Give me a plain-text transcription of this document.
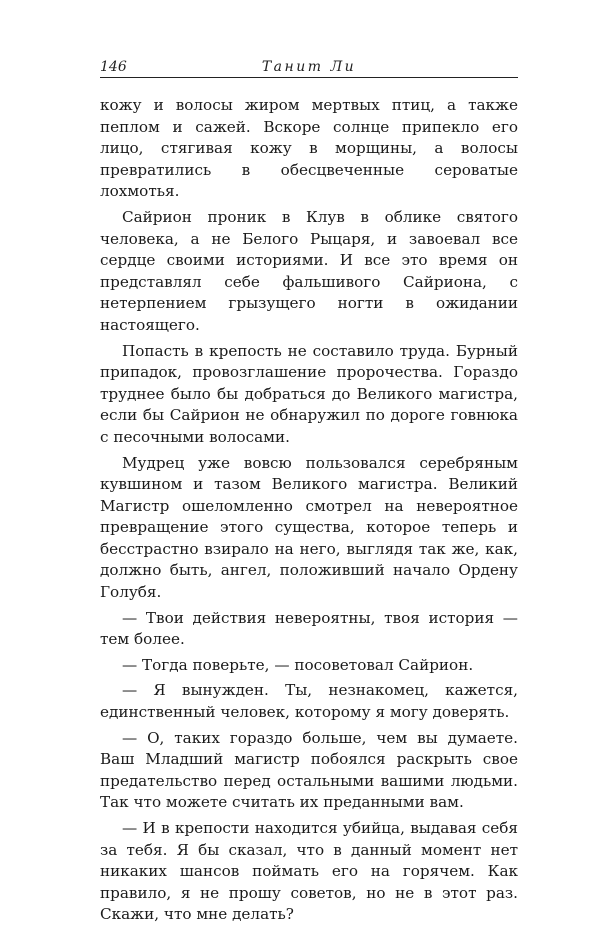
146	Танит Ли

кожу и волосы жиром мертвых птиц, а также пеплом и сажей. Вскоре солнце припекло его лицо, стягивая кожу в морщины, а волосы превратились в обесцвеченные сероватые лохмотья.

Сайрион проник в Клув в облике святого человека, а не Белого Рыцаря, и завоевал все сердце своими историями. И все это время он представлял себе фальшивого Сайриона, с нетерпением грызущего ногти в ожидании настоящего.

Попасть в крепость не составило труда. Бурный припадок, провозглашение пророчества. Гораздо труднее было бы добраться до Великого магистра, если бы Сайрион не обнаружил по дороге говнюка с песочными волосами.

Мудрец уже вовсю пользовался серебряным кувшином и тазом Великого магистра. Великий Магистр ошеломленно смотрел на невероятное превращение этого существа, которое теперь и бесстрастно взирало на него, выглядя так же, как, должно быть, ангел, положивший начало Ордену Голубя.

— Твои действия невероятны, твоя история — тем более.

— Тогда поверьте, — посоветовал Сайрион.

— Я вынужден. Ты, незнакомец, кажется, единственный человек, которому я могу доверять.

— О, таких гораздо больше, чем вы думаете. Ваш Младший магистр побоялся раскрыть свое предательство перед остальными вашими людьми. Так что можете считать их преданными вам.

— И в крепости находится убийца, выдавая себя за тебя. Я бы сказал, что в данный момент нет никаких шансов поймать его на горячем. Как правило, я не прошу советов, но не в этот раз. Скажи, что мне делать?
